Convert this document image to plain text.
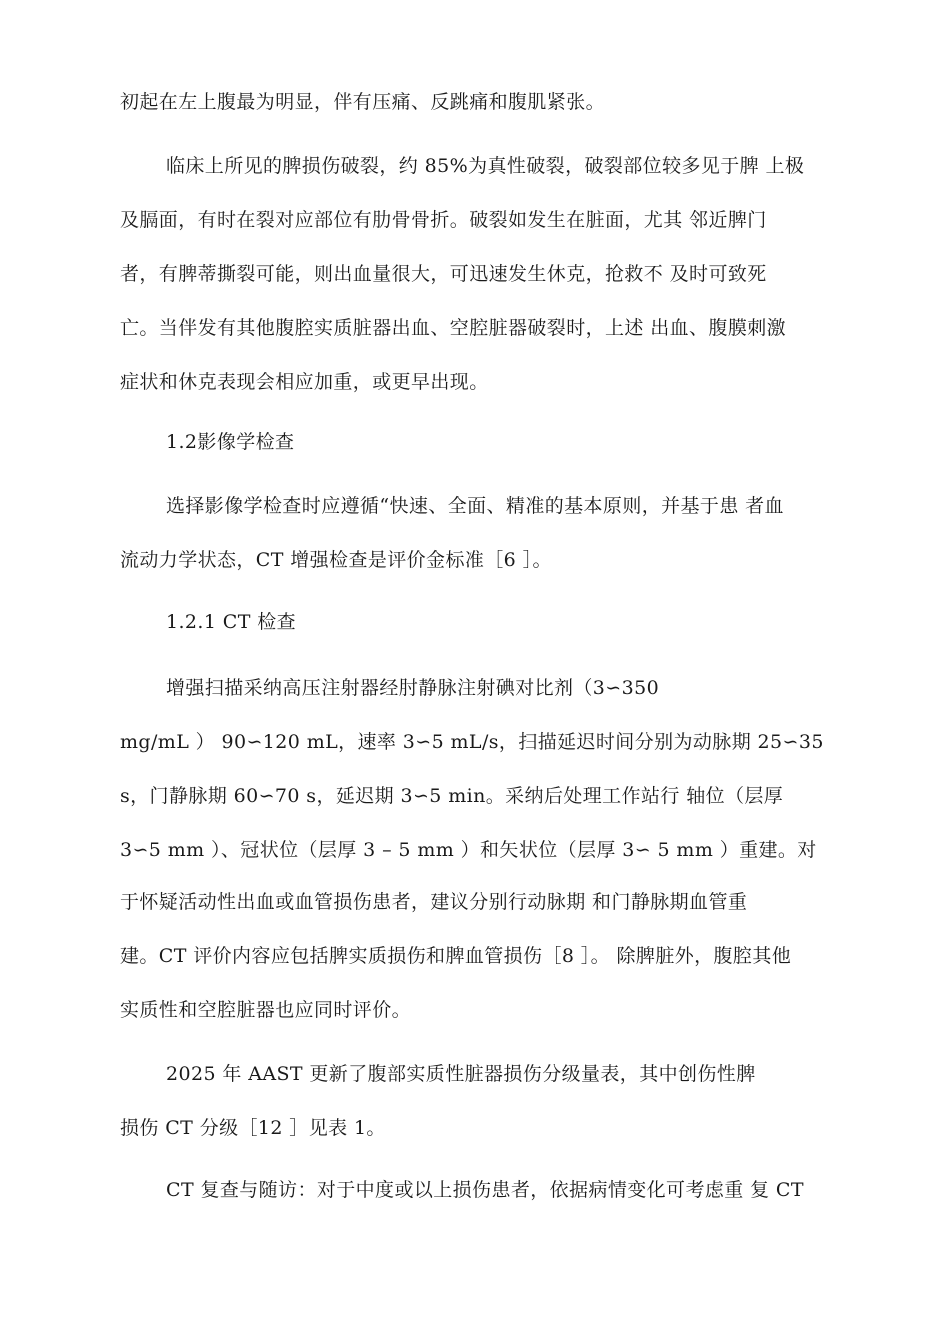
初起在左上腹最为明显，伴有压痛、反跳痛和腹肌紧张。
临床上所见的脾损伤破裂，约 85%为真性破裂，破裂部位较多见于脾 上极
及膈面，有时在裂对应部位有肋骨骨折。破裂如发生在脏面，尤其 邻近脾门
者，有脾蒂撕裂可能，则出血量很大，可迅速发生休克，抢救不 及时可致死
亡。当伴发有其他腹腔实质脏器出血、空腔脏器破裂时，上述 出血、腹膜刺激
症状和休克表现会相应加重，或更早出现。
1.2影像学检查
选择影像学检查时应遵循“快速、全面、精准的基本原则，并基于患 者血
流动力学状态，CT 增强检查是评价金标准［6 ］。
1.2.1 CT 检查
增强扫描采纳高压注射器经肘静脉注射碘对比剂（3∽350
mg/mL ） 90∽120 mL，速率 3∽5 mL/s，扫描延迟时间分别为动脉期 25∽35
s，门静脉期 60∽70 s，延迟期 3∽5 min。采纳后处理工作站行 轴位（层厚
3∽5 mm ）、冠状位（层厚 3 – 5 mm ）和矢状位（层厚 3∽ 5 mm ）重建。对
于怀疑活动性出血或血管损伤患者，建议分别行动脉期 和门静脉期血管重
建。CT 评价内容应包括脾实质损伤和脾血管损伤［8 ］。 除脾脏外，腹腔其他
实质性和空腔脏器也应同时评价。
2025 年 AAST 更新了腹部实质性脏器损伤分级量表，其中创伤性脾
损伤 CT 分级［12 ］见表 1。
CT 复查与随访：对于中度或以上损伤患者，依据病情变化可考虑重 复 CT
